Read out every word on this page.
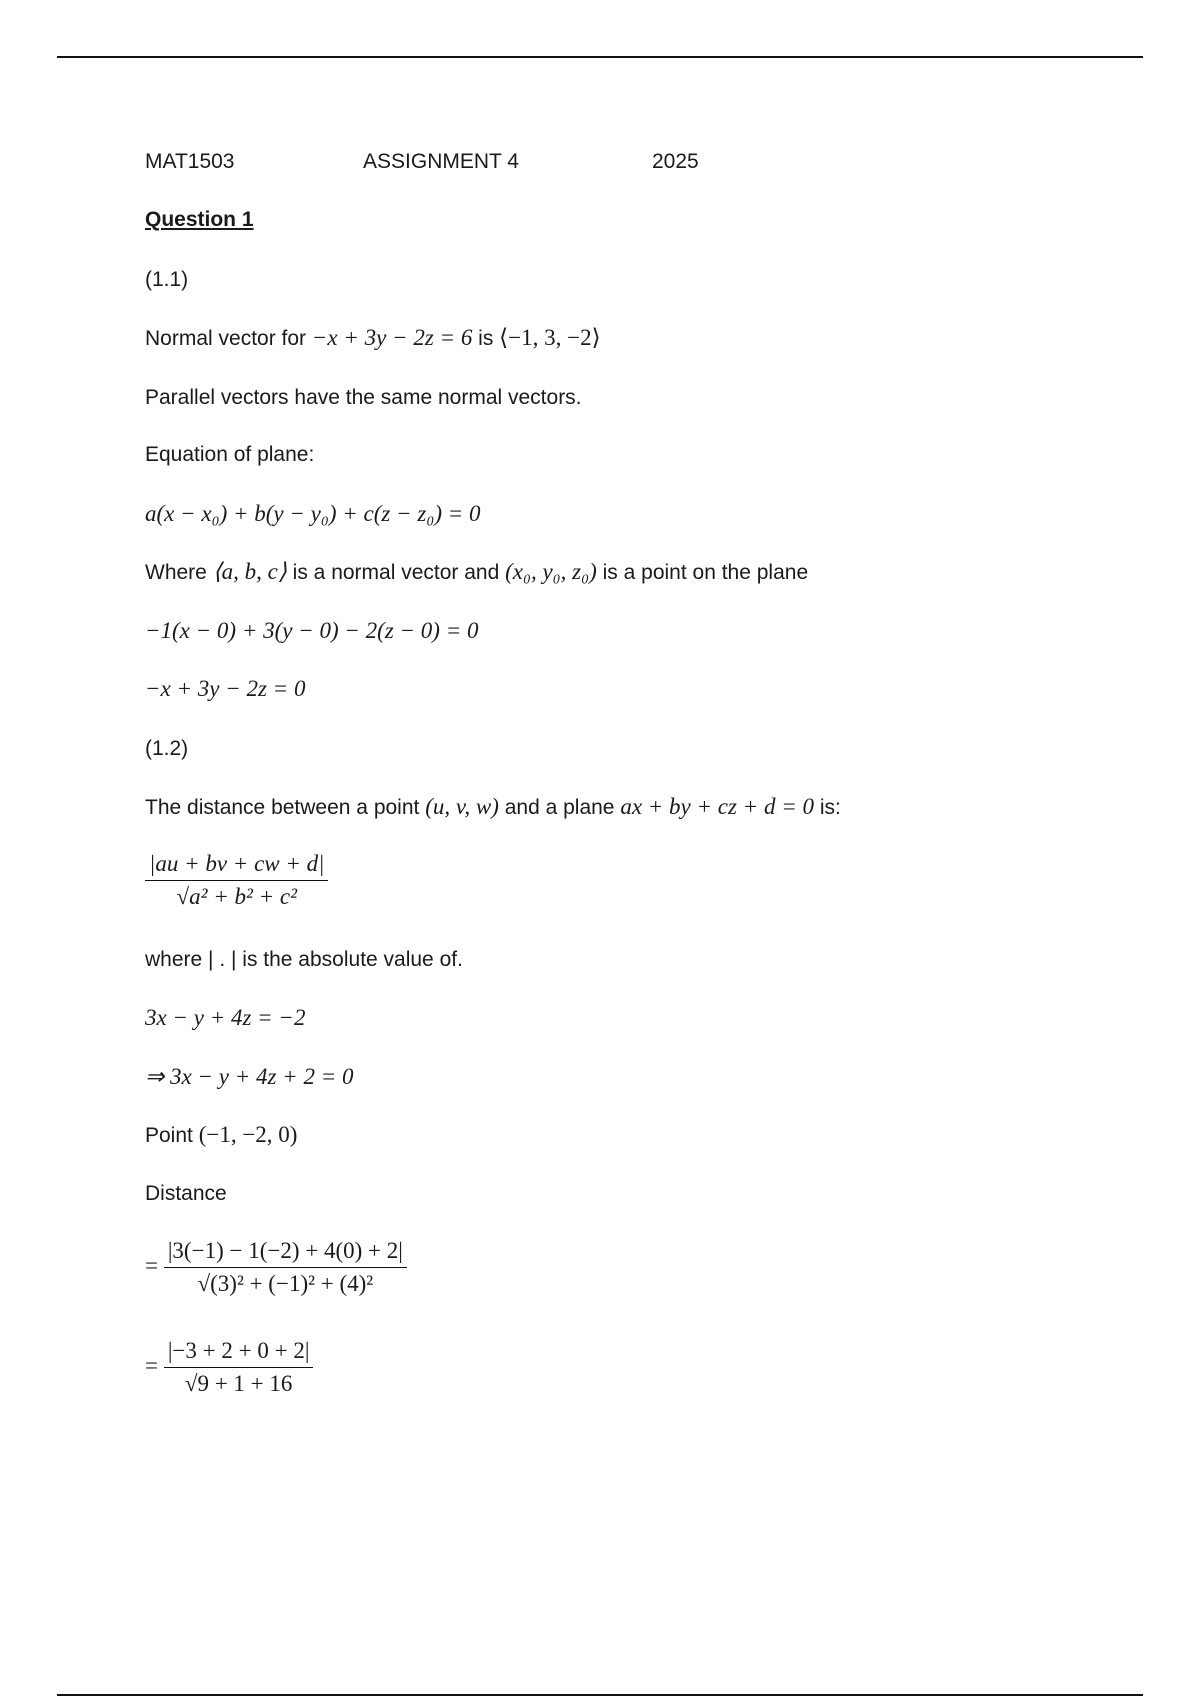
MAT1503	ASSIGNMENT 4	2025
Question 1
(1.1)
Normal vector for −x + 3y − 2z = 6 is ⟨−1, 3, −2⟩
Parallel vectors have the same normal vectors.
Equation of plane:
a(x − x₀) + b(y − y₀) + c(z − z₀) = 0
Where ⟨a, b, c⟩ is a normal vector and (x₀, y₀, z₀) is a point on the plane
−1(x − 0) + 3(y − 0) − 2(z − 0) = 0
−x + 3y − 2z = 0
(1.2)
The distance between a point (u, v, w) and a plane ax + by + cz + d = 0 is:
$\frac{|au + bv + cw + d|}{\text{√a² + b² + c²}}$
where | . | is the absolute value of.
3x − y + 4z = −2
⇒ 3x − y + 4z + 2 = 0
Point (−1, −2, 0)
Distance
= $\frac{|3(-1) - 1(-2) + 4(0) + 2|}{\text{√(3)² + (−1)² + (4)²}}$
= $\frac{|-3 + 2 + 0 + 2|}{√9 + 1 + 16}$
